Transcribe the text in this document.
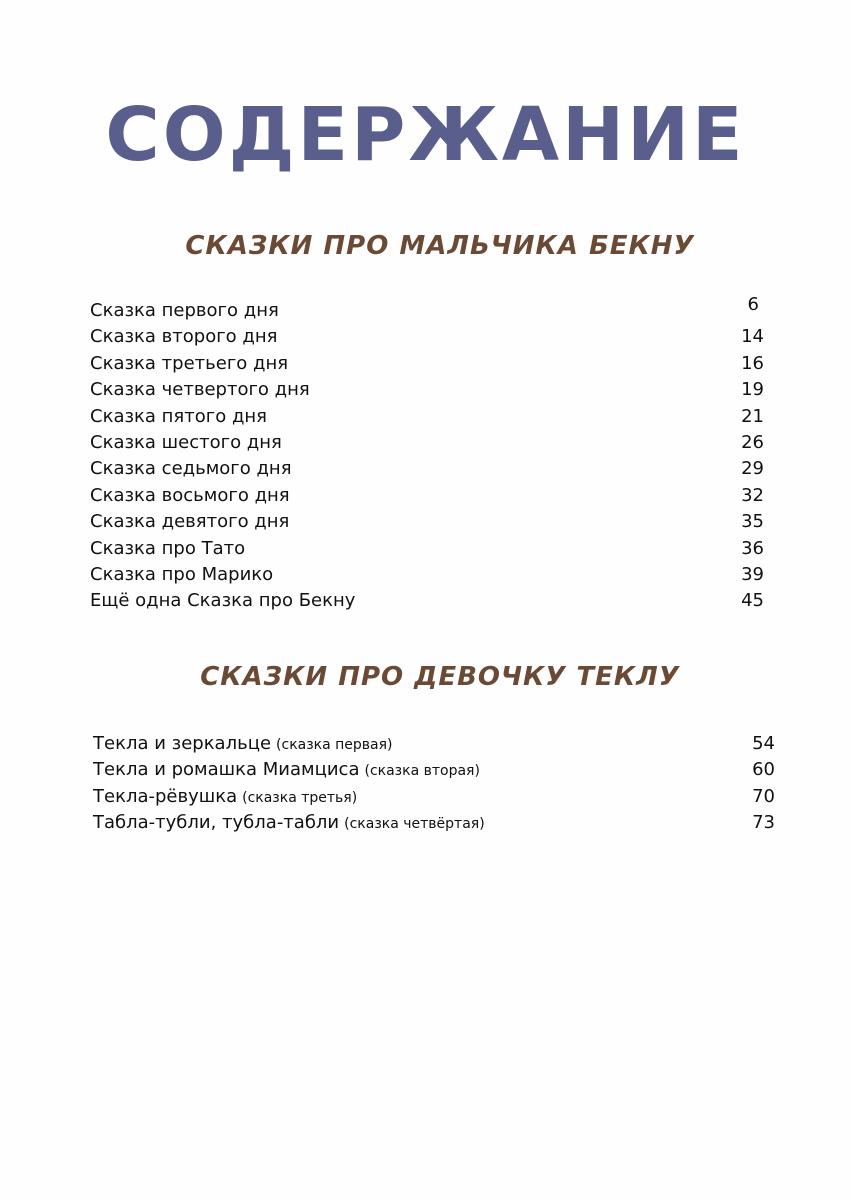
СОДЕРЖАНИЕ
СКАЗКИ ПРО МАЛЬЧИКА БЕКНУ
Сказка первого дня	6
Сказка второго дня	14
Сказка третьего дня	16
Сказка четвертого дня	19
Сказка пятого дня	21
Сказка шестого дня	26
Сказка седьмого дня	29
Сказка восьмого дня	32
Сказка девятого дня	35
Сказка про Тато	36
Сказка про Марико	39
Ещё одна Сказка про Бекну	45
СКАЗКИ ПРО ДЕВОЧКУ ТЕКЛУ
Текла и зеркальце (сказка первая)	54
Текла и ромашка Миамциса (сказка вторая)	60
Текла-рёвушка (сказка третья)	70
Табла-тубли, тубла-табли (сказка четвёртая)	73
